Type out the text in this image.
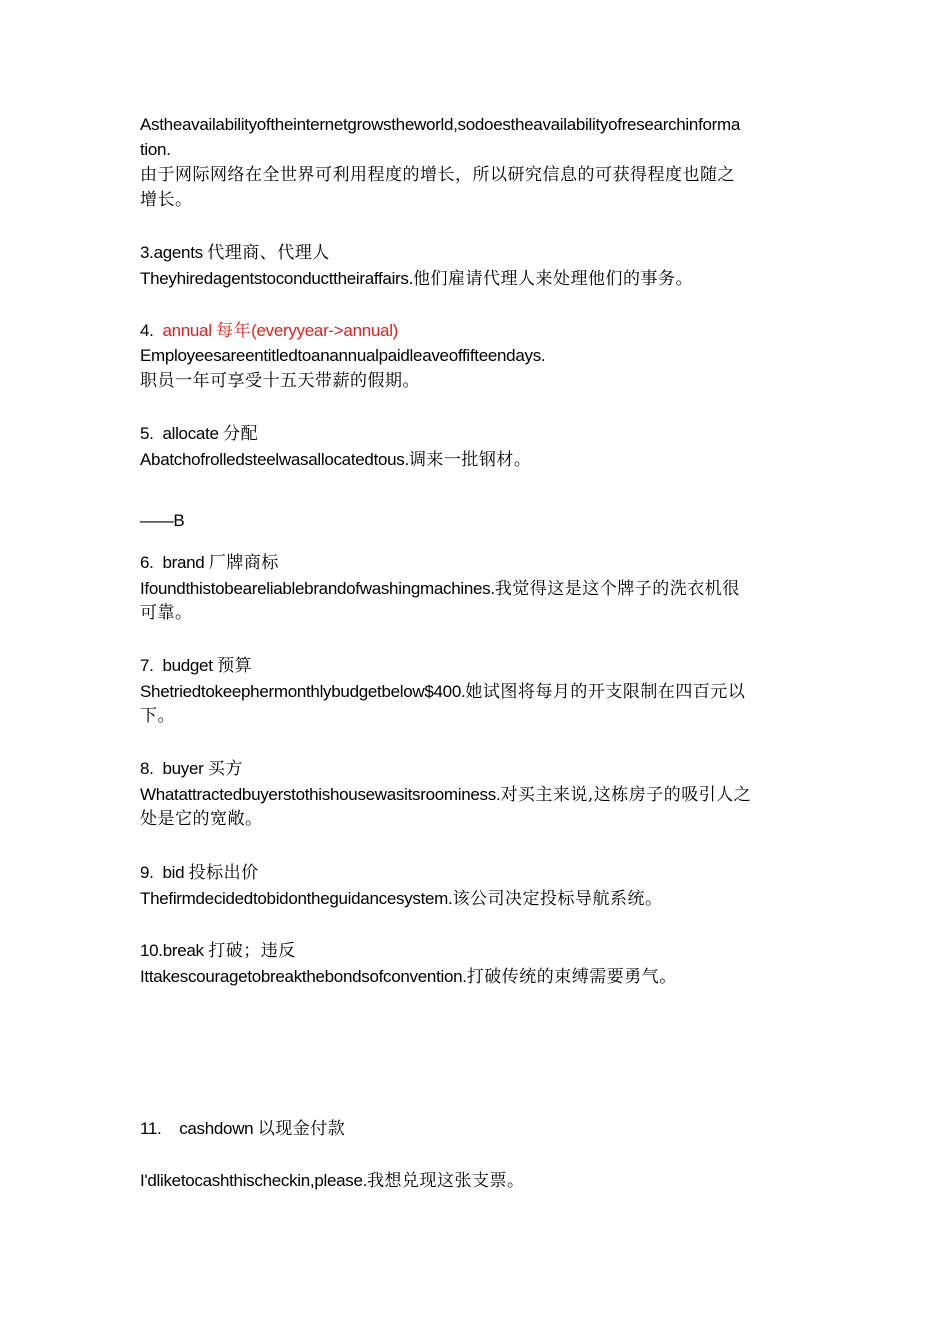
Astheavailabilityoftheinternetgrowstheworld,sodoestheavailabilityofresearchinforma
tion.
由于网际网络在全世界可利用程度的增长，所以研究信息的可获得程度也随之
增长。
3.agents 代理商、代理人
Theyhiredagentstoconducttheiraffairs.他们雇请代理人来处理他们的事务。
4. annual 每年(everyyear->annual)
Employeesareentitledtoanannualpaidleaveoffifteendays.
职员一年可享受十五天带薪的假期。
5. allocate 分配
Abatchofrolledsteelwasallocatedtous.调来一批钢材。
——B
6. brand 厂牌商标
Ifoundthistobeareliablebrandofwashingmachines.我觉得这是这个牌子的洗衣机很
可靠。
7. budget 预算
Shetriedtokeephermonthlybudgetbelow$400.她试图将每月的开支限制在四百元以
下。
8. buyer 买方
Whatattractedbuyerstothishousewasitsroominess.对买主来说,这栋房子的吸引人之
处是它的宽敞。
9. bid 投标出价
Thefirmdecidedtobidontheguidancesystem.该公司决定投标导航系统。
10.break 打破；违反
Ittakescouragetobreakthebondsofconvention.打破传统的束缚需要勇气。
11. cashdown 以现金付款
I'dliketocashthischeckin,please.我想兑现这张支票。
